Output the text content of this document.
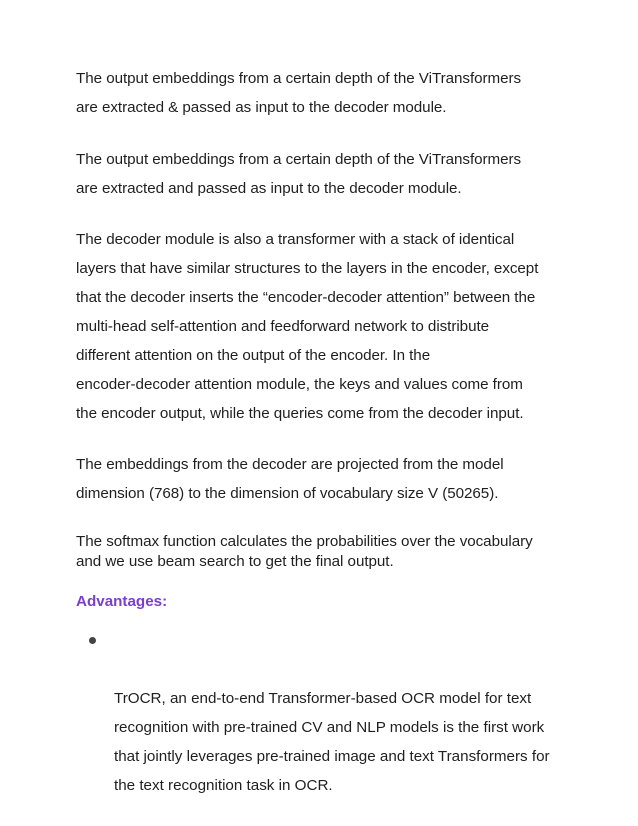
The output embeddings from a certain depth of the ViTransformers
are extracted & passed as input to the decoder module.

The output embeddings from a certain depth of the ViTransformers
are extracted and passed as input to the decoder module.

The decoder module is also a transformer with a stack of identical
layers that have similar structures to the layers in the encoder, except
that the decoder inserts the “encoder-decoder attention” between the
multi-head self-attention and feedforward network to distribute
different attention on the output of the encoder. In the
encoder-decoder attention module, the keys and values come from
the encoder output, while the queries come from the decoder input.

The embeddings from the decoder are projected from the model
dimension (768) to the dimension of vocabulary size V (50265).

The softmax function calculates the probabilities over the vocabulary
and we use beam search to get the final output.

Advantages:

TrOCR, an end-to-end Transformer-based OCR model for text
recognition with pre-trained CV and NLP models is the first work
that jointly leverages pre-trained image and text Transformers for
the text recognition task in OCR.
